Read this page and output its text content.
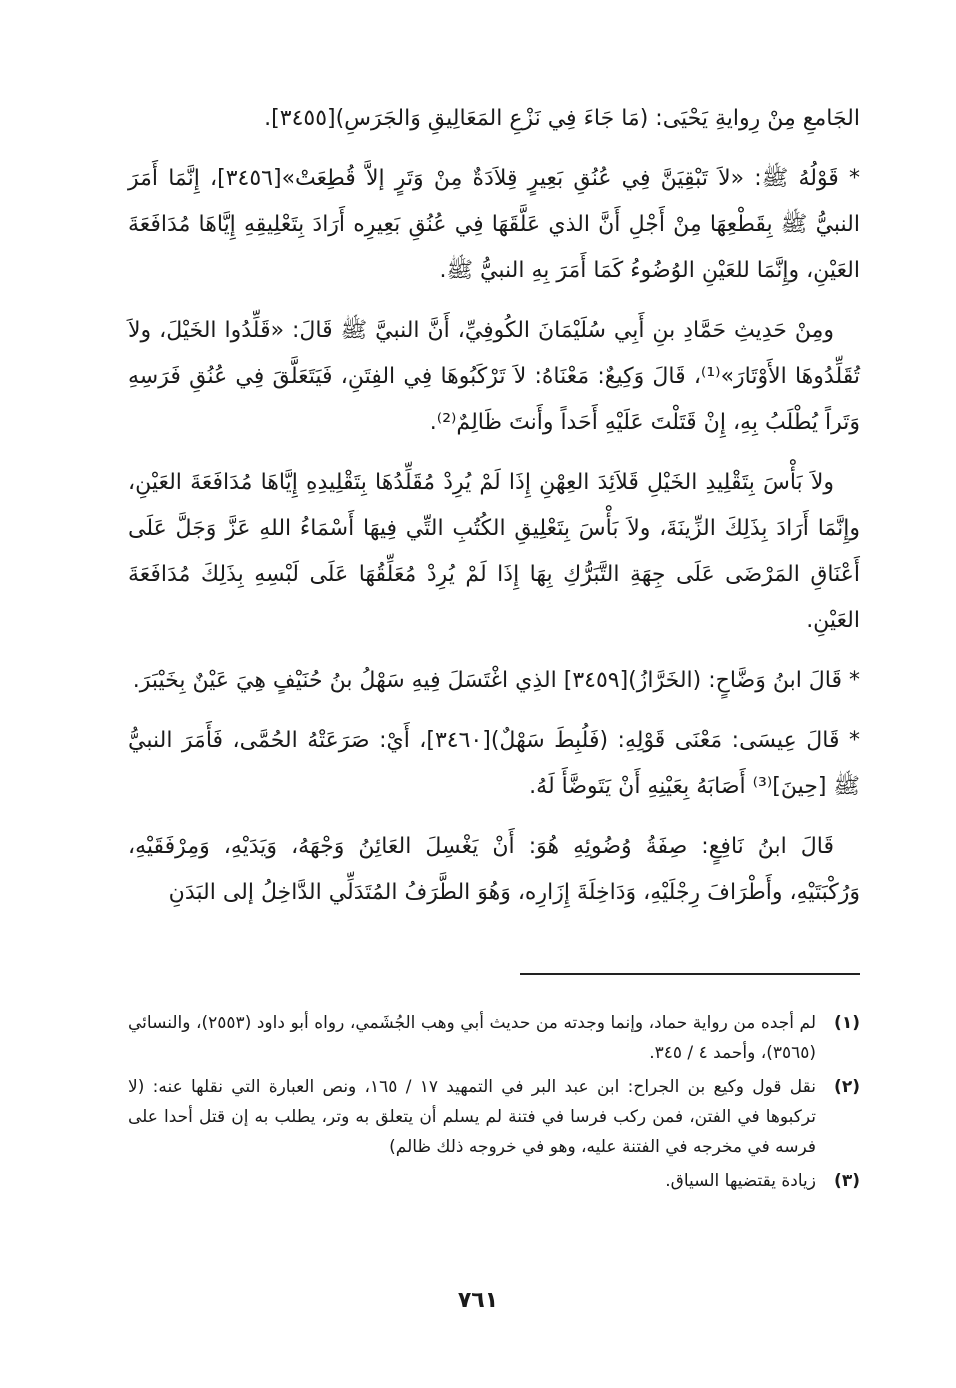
الجَامعِ مِنْ رِوايةِ يَحْيَى: (مَا جَاءَ فِي نَزْعِ المَعَالِيقِ وَالجَرَسِ)[٣٤٥٥].

* قَوْلُهُ ﷺ: «لاَ تَبْقِيَنَّ فِي عُنُقِ بَعِيرٍ قِلاَدَةٌ مِنْ وَتَرٍ إلاَّ قُطِعَتْ»[٣٤٥٦]، إِنَّمَا أَمَرَ النبيُّ ﷺ بِقَطْعِهَا مِنْ أَجْلِ أَنَّ الذي عَلَّقَهَا فِي عُنُقِ بَعِيرِه أَرَادَ بِتَعْلِيقِهِ إِيَّاهَا مُدَافَعَةَ العَيْنِ، وإِنَّمَا للعَيْنِ الوُضُوءُ كَمَا أَمَرَ بِهِ النبيُّ ﷺ.

ومِنْ حَدِيثِ حَمَّادِ بنِ أَبِي سُلَيْمَانَ الكُوفِيِّ، أَنَّ النبيَّ ﷺ قَالَ: «قَلِّدُوا الخَيْلَ، ولاَ تُقَلِّدُوهَا الأَوْتَارَ»⁽¹⁾، قَالَ وَكِيعٌ: مَعْنَاهُ: لاَ تَرْكَبُوهَا فِي الفِتَنِ، فَيَتَعَلَّقَ فِي عُنُقِ فَرَسِهِ وَتَراً يُطْلَبُ بِهِ، إِنْ قَتَلْتَ عَلَيْهِ أَحَداً وأَنتَ ظَالِمٌ⁽²⁾.

ولاَ بَأْسَ بِتَقْلِيدِ الخَيْلِ قَلاَئِدَ العِهْنِ إِذَا لَمْ يُرِدْ مُقَلِّدُهَا بِتَقْلِيدِهِ إِيَّاهَا مُدَافَعَةَ العَيْنِ، وإِنَّمَا أَرَادَ بِذَلِكَ الزِّينَةَ، ولاَ بَأْسَ بِتَعْلِيقِ الكُتُبِ التِّي فِيهَا أَسْمَاءُ اللهِ عَزَّ وَجَلَّ عَلَى أَعْنَاقِ المَرْضَى عَلَى جِهَةِ التَّبَرُّكِ بِهَا إِذَا لَمْ يُرِدْ مُعَلِّقُهَا عَلَى لَبْسِهِ بِذَلِكَ مُدَافَعَةَ العَيْنِ.

* قَالَ ابنُ وَضَّاحٍ: (الخَرَّازُ)[٣٤٥٩] الذِي اغْتَسَلَ فِيهِ سَهْلُ بنُ حُنَيْفٍ هِيَ عَيْنٌ بِخَيْبَرَ.

* قَالَ عِيسَى: مَعْنَى قَوْلِهِ: (فَلُبِطَ سَهْلٌ)[٣٤٦٠]، أَيْ: صَرَعَتْهُ الحُمَّى، فَأَمَرَ النبيُّ ﷺ [حِينَ]⁽³⁾ أَصَابَهُ بِعَيْنِهِ أَنْ يَتَوضَّأَ لَهُ.

قَالَ ابنُ نَافِعٍ: صِفَةُ وُضُوئِهِ هُوَ: أَنْ يَغْسِلَ العَائِنُ وَجْهَهُ، وَيَدَيْهِ، وَمِرْفَقَيْهِ، وَرُكْبَتَيْهِ، وأَطْرَافَ رِجْلَيْهِ، وَدَاخِلَةَ إِزَارِه، وَهُوَ الطَّرَفُ المُتَدَلِّي الدَّاخِلُ إلى البَدَنِ

(١)
لم أجده من رواية حماد، وإنما وجدته من حديث أبي وهب الجُشَمي، رواه أبو داود (٢٥٥٣)، والنسائي (٣٥٦٥)، وأحمد ٤ / ٣٤٥.
(٢)
نقل قول وكيع بن الجراح: ابن عبد البر في التمهيد ١٧ / ١٦٥، ونص العبارة التي نقلها عنه: (لا تركبوها في الفتن، فمن ركب فرسا في فتنة لم يسلم أن يتعلق به وتر، يطلب به إن قتل أحدا على فرسه في مخرجه في الفتنة عليه، وهو في خروجه ذلك ظالم)
(٣)
زيادة يقتضيها السياق.
٧٦١
